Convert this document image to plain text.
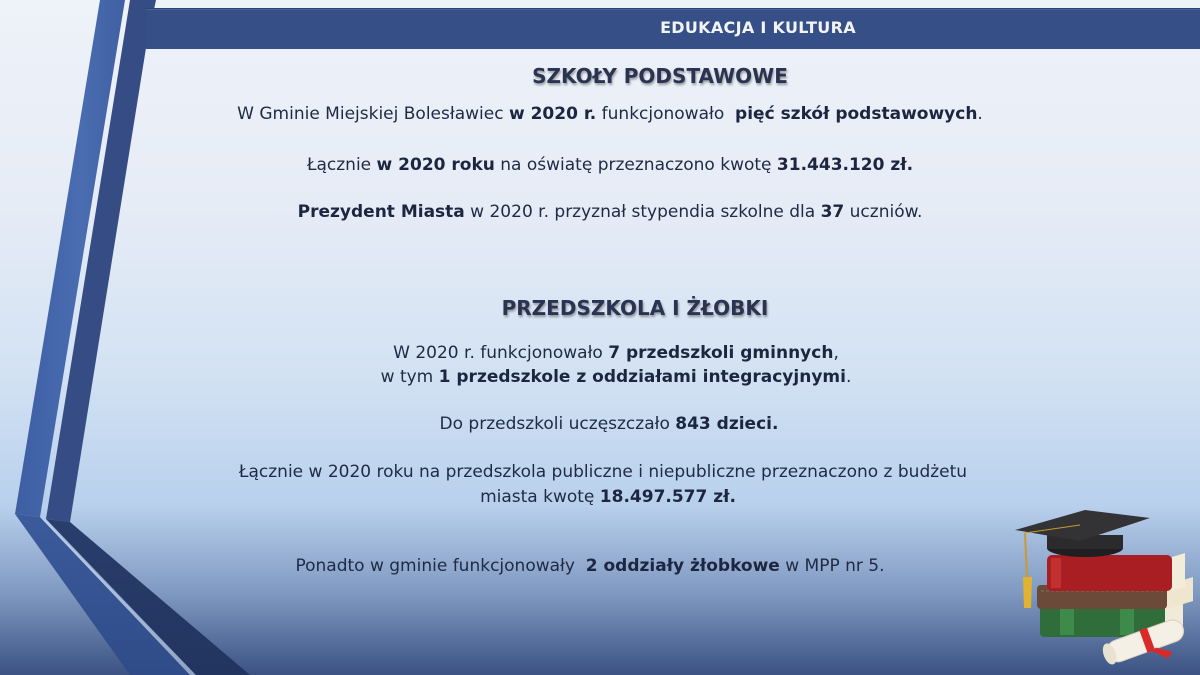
EDUKACJA I KULTURA
SZKOŁY PODSTAWOWE
W Gminie Miejskiej Bolesławiec w 2020 r. funkcjonowało  pięć szkół podstawowych.
Łącznie w 2020 roku na oświatę przeznaczono kwotę 31.443.120 zł.
Prezydent Miasta w 2020 r. przyznał stypendia szkolne dla 37 uczniów.
PRZEDSZKOLA I ŻŁOBKI
W 2020 r. funkcjonowało 7 przedszkoli gminnych,
w tym 1 przedszkole z oddziałami integracyjnymi.
Do przedszkoli uczęszczało 843 dzieci.
Łącznie w 2020 roku na przedszkola publiczne i niepubliczne przeznaczono z budżetu
miasta kwotę 18.497.577 zł.
Ponadto w gminie funkcjonowały  2 oddziały żłobkowe w MPP nr 5.
